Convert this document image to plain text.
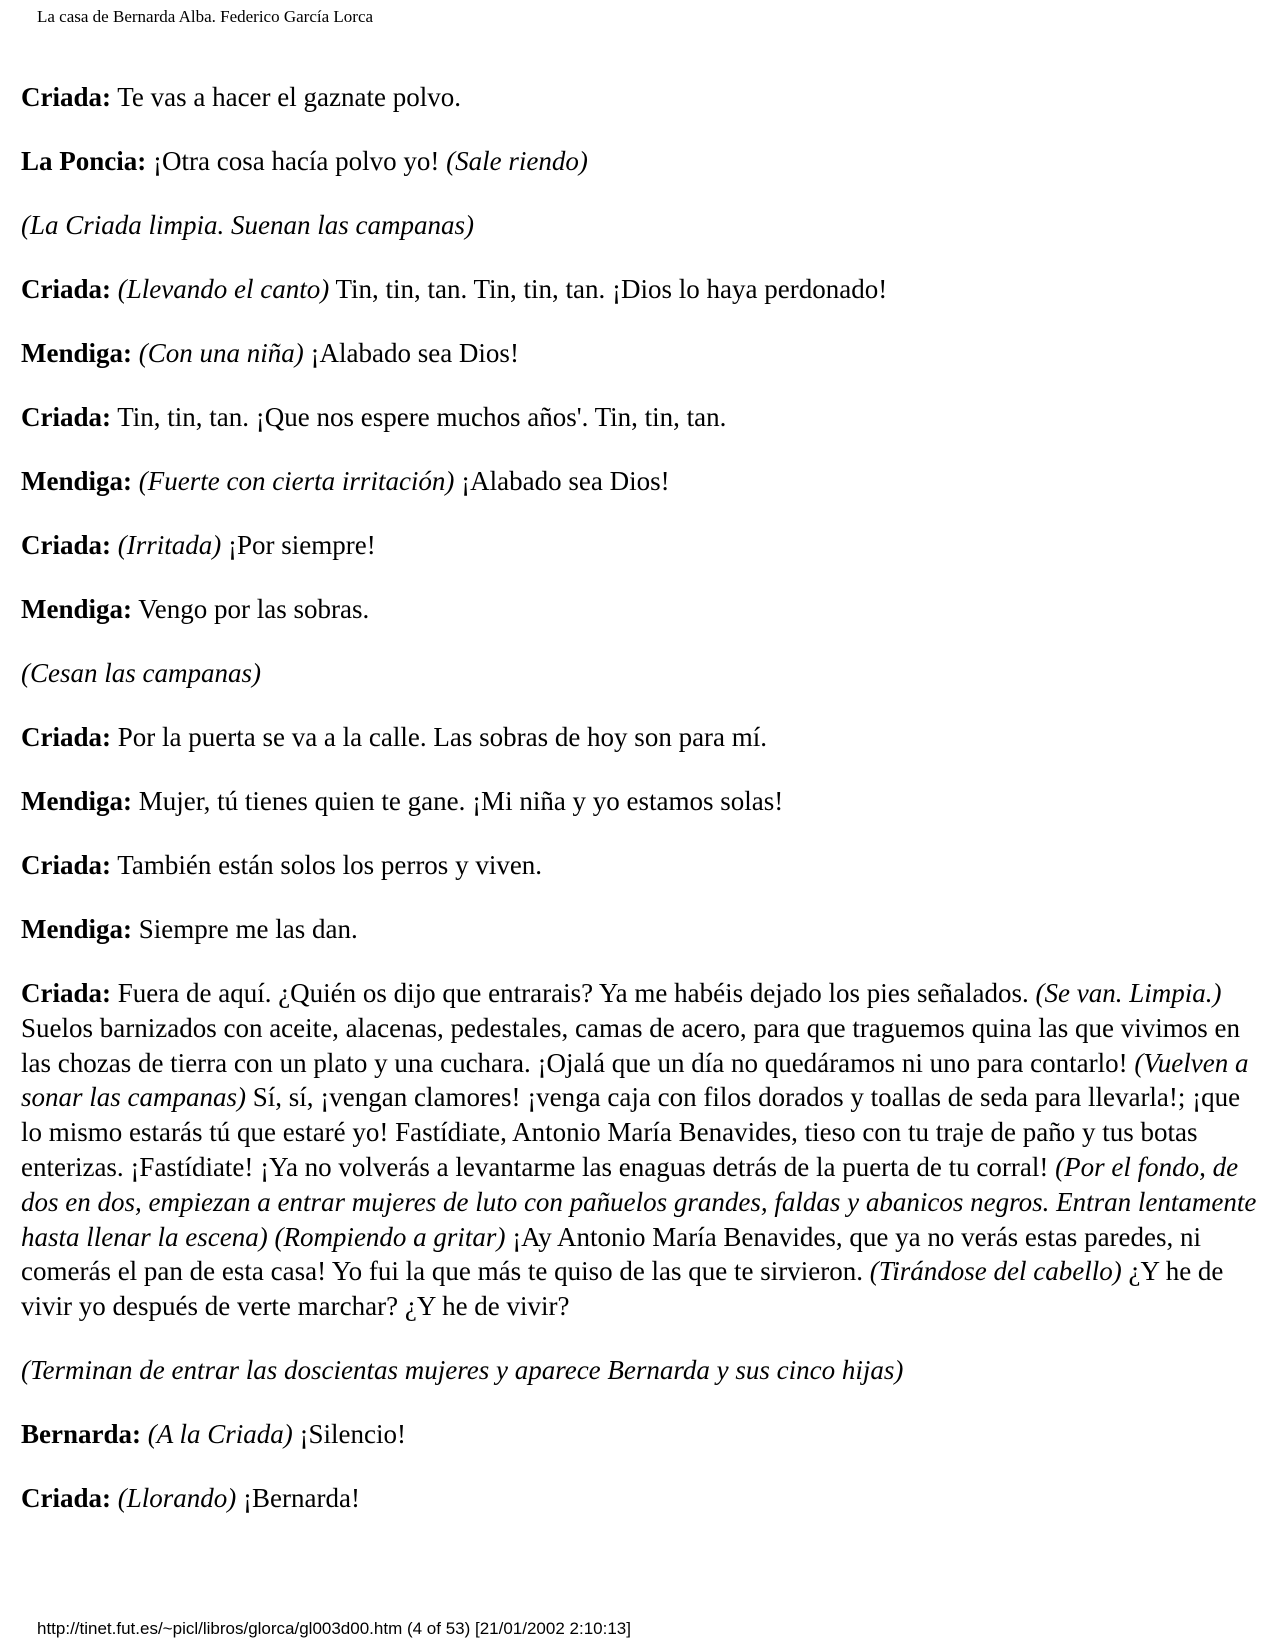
La casa de Bernarda Alba. Federico García Lorca

Criada: Te vas a hacer el gaznate polvo.

La Poncia: ¡Otra cosa hacía polvo yo! (Sale riendo)

(La Criada limpia. Suenan las campanas)

Criada: (Llevando el canto) Tin, tin, tan. Tin, tin, tan. ¡Dios lo haya perdonado!

Mendiga: (Con una niña) ¡Alabado sea Dios!

Criada: Tin, tin, tan. ¡Que nos espere muchos años'. Tin, tin, tan.

Mendiga: (Fuerte con cierta irritación) ¡Alabado sea Dios!

Criada: (Irritada) ¡Por siempre!

Mendiga: Vengo por las sobras.

(Cesan las campanas)

Criada: Por la puerta se va a la calle. Las sobras de hoy son para mí.

Mendiga: Mujer, tú tienes quien te gane. ¡Mi niña y yo estamos solas!

Criada: También están solos los perros y viven.

Mendiga: Siempre me las dan.

Criada: Fuera de aquí. ¿Quién os dijo que entrarais? Ya me habéis dejado los pies señalados. (Se van. Limpia.) Suelos barnizados con aceite, alacenas, pedestales, camas de acero, para que traguemos quina las que vivimos en las chozas de tierra con un plato y una cuchara. ¡Ojalá que un día no quedáramos ni uno para contarlo! (Vuelven a sonar las campanas) Sí, sí, ¡vengan clamores! ¡venga caja con filos dorados y toallas de seda para llevarla!; ¡que lo mismo estarás tú que estaré yo! Fastídiate, Antonio María Benavides, tieso con tu traje de paño y tus botas enterizas. ¡Fastídiate! ¡Ya no volverás a levantarme las enaguas detrás de la puerta de tu corral! (Por el fondo, de dos en dos, empiezan a entrar mujeres de luto con pañuelos grandes, faldas y abanicos negros. Entran lentamente hasta llenar la escena) (Rompiendo a gritar) ¡Ay Antonio María Benavides, que ya no verás estas paredes, ni comerás el pan de esta casa! Yo fui la que más te quiso de las que te sirvieron. (Tirándose del cabello) ¿Y he de vivir yo después de verte marchar? ¿Y he de vivir?

(Terminan de entrar las doscientas mujeres y aparece Bernarda y sus cinco hijas)

Bernarda: (A la Criada) ¡Silencio!

Criada: (Llorando) ¡Bernarda!

http://tinet.fut.es/~picl/libros/glorca/gl003d00.htm (4 of 53) [21/01/2002 2:10:13]
